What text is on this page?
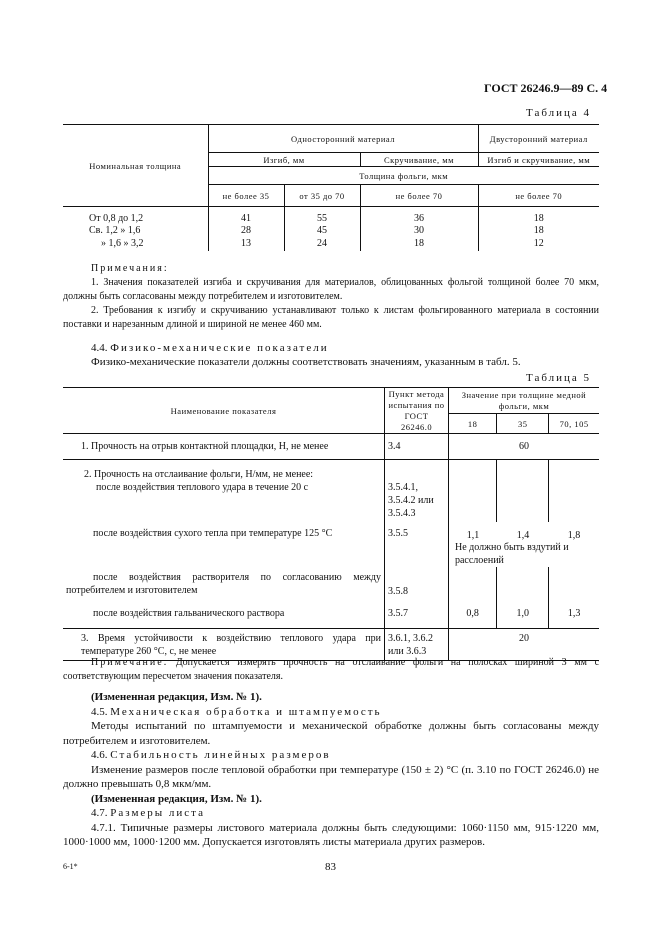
ГОСТ 26246.9—89 С. 4
Таблица 4
Номинальная толщина	Односторонний материал			Двусторонний материал
	Изгиб, мм		Скручивание, мм	Изгиб и скручивание, мм
	Толщина фольги, мкм			
	не более 35	от 35 до 70	не более 70	не более 70

От 0,8 до 1,2	41	55	36	18
Св. 1,2 » 1,6	28	45	30	18
» 1,6 » 3,2	13	24	18	12
Примечания:
1. Значения показателей изгиба и скручивания для материалов, облицованных фольгой толщиной более 70 мкм, должны быть согласованы между потребителем и изготовителем.
2. Требования к изгибу и скручиванию устанавливают только к листам фольгированного материала в состоянии поставки и нарезанным длиной и шириной не менее 460 мм.
4.4. Физико-механические показатели
Физико-механические показатели должны соответствовать значениям, указанным в табл. 5.
Таблица 5
Наименование показателя	Пункт метода испытания по ГОСТ 26246.0	Значение при толщине медной фольги, мкм		
		18	35	70, 105
1. Прочность на отрыв контактной площадки, Н, не менее	3.4	60		

2. Прочность на отслаивание фольги, Н/мм, не менее:
после воздействия теплового удара в течение 20 с	3.5.4.1, 3.5.4.2 или 3.5.4.3			
после воздействия сухого тепла при температуре 125 °С	3.5.5	1,1 1,4 1,8
Не должно быть вздутий и расслоений		

после воздействия растворителя по согласованию между потребителем и изготовителем	3.5.8			
после воздействия гальванического раствора	3.5.7	0,8	1,0	1,3
3. Время устойчивости к воздействию теплового удара при температуре 260 °С, с, не менее	3.6.1, 3.6.2 или 3.6.3	20		
Примечание. Допускается измерять прочность на отслаивание фольги на полосках шириной 3 мм с соответствующим пересчетом значения показателя.
(Измененная редакция, Изм. № 1).
4.5. Механическая обработка и штампуемость
Методы испытаний по штампуемости и механической обработке должны быть согласованы между потребителем и изготовителем.
4.6. Стабильность линейных размеров
Изменение размеров после тепловой обработки при температуре (150 ± 2) °С (п. 3.10 по ГОСТ 26246.0) не должно превышать 0,8 мкм/мм.
(Измененная редакция, Изм. № 1).
4.7. Размеры листа
4.7.1. Типичные размеры листового материала должны быть следующими: 1060·1150 мм, 915·1220 мм, 1000·1000 мм, 1000·1200 мм. Допускается изготовлять листы материала других размеров.
6-1*	83
